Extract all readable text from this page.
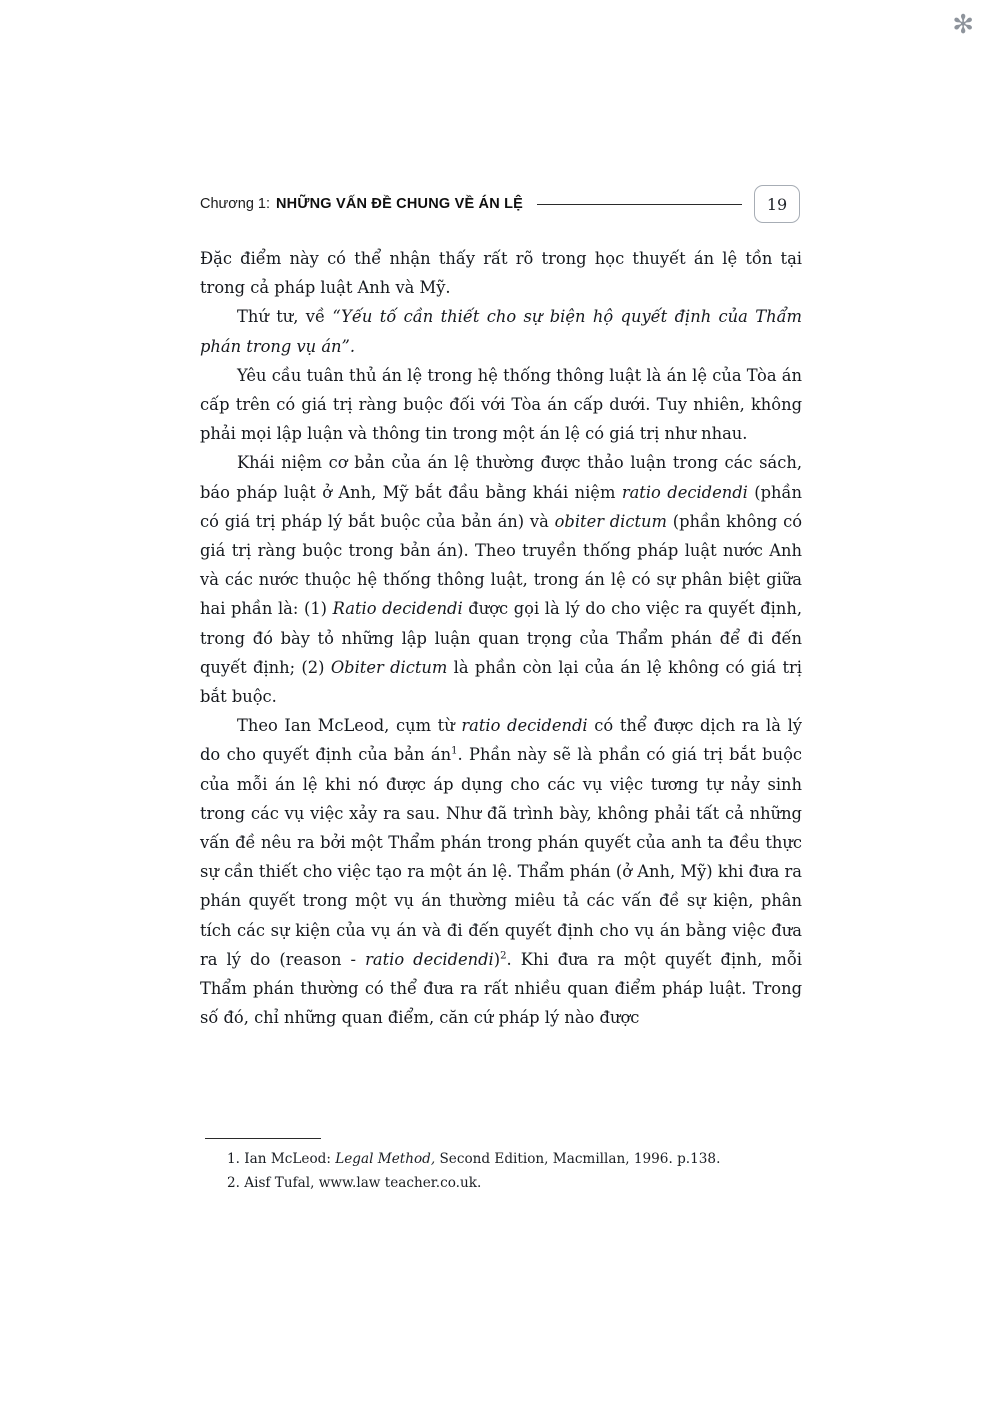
✻
Chương 1: NHỮNG VẤN ĐỀ CHUNG VỀ ÁN LỆ	19

Đặc điểm này có thể nhận thấy rất rõ trong học thuyết án lệ tồn tại trong cả pháp luật Anh và Mỹ.

Thứ tư, về “Yếu tố cần thiết cho sự biện hộ quyết định của Thẩm phán trong vụ án”.

Yêu cầu tuân thủ án lệ trong hệ thống thông luật là án lệ của Tòa án cấp trên có giá trị ràng buộc đối với Tòa án cấp dưới. Tuy nhiên, không phải mọi lập luận và thông tin trong một án lệ có giá trị như nhau.

Khái niệm cơ bản của án lệ thường được thảo luận trong các sách, báo pháp luật ở Anh, Mỹ bắt đầu bằng khái niệm ratio decidendi (phần có giá trị pháp lý bắt buộc của bản án) và obiter dictum (phần không có giá trị ràng buộc trong bản án). Theo truyền thống pháp luật nước Anh và các nước thuộc hệ thống thông luật, trong án lệ có sự phân biệt giữa hai phần là: (1) Ratio decidendi được gọi là lý do cho việc ra quyết định, trong đó bày tỏ những lập luận quan trọng của Thẩm phán để đi đến quyết định; (2) Obiter dictum là phần còn lại của án lệ không có giá trị bắt buộc.

Theo Ian McLeod, cụm từ ratio decidendi có thể được dịch ra là lý do cho quyết định của bản $án^1$. Phần này sẽ là phần có giá trị bắt buộc của mỗi án lệ khi nó được áp dụng cho các vụ việc tương tự nảy sinh trong các vụ việc xảy ra sau. Như đã trình bày, không phải tất cả những vấn đề nêu ra bởi một Thẩm phán trong phán quyết của anh ta đều thực sự cần thiết cho việc tạo ra một án lệ. Thẩm phán (ở Anh, Mỹ) khi đưa ra phán quyết trong một vụ án thường miêu tả các vấn đề sự kiện, phân tích các sự kiện của vụ án và đi đến quyết định cho vụ án bằng việc đưa ra lý do (reason - ratio decidendi)$^2$. Khi đưa ra một quyết định, mỗi Thẩm phán thường có thể đưa ra rất nhiều quan điểm pháp luật. Trong số đó, chỉ những quan điểm, căn cứ pháp lý nào được

1. Ian McLeod: Legal Method, Second Edition, Macmillan, 1996. p.138.

2. Aisf Tufal, www.law teacher.co.uk.
